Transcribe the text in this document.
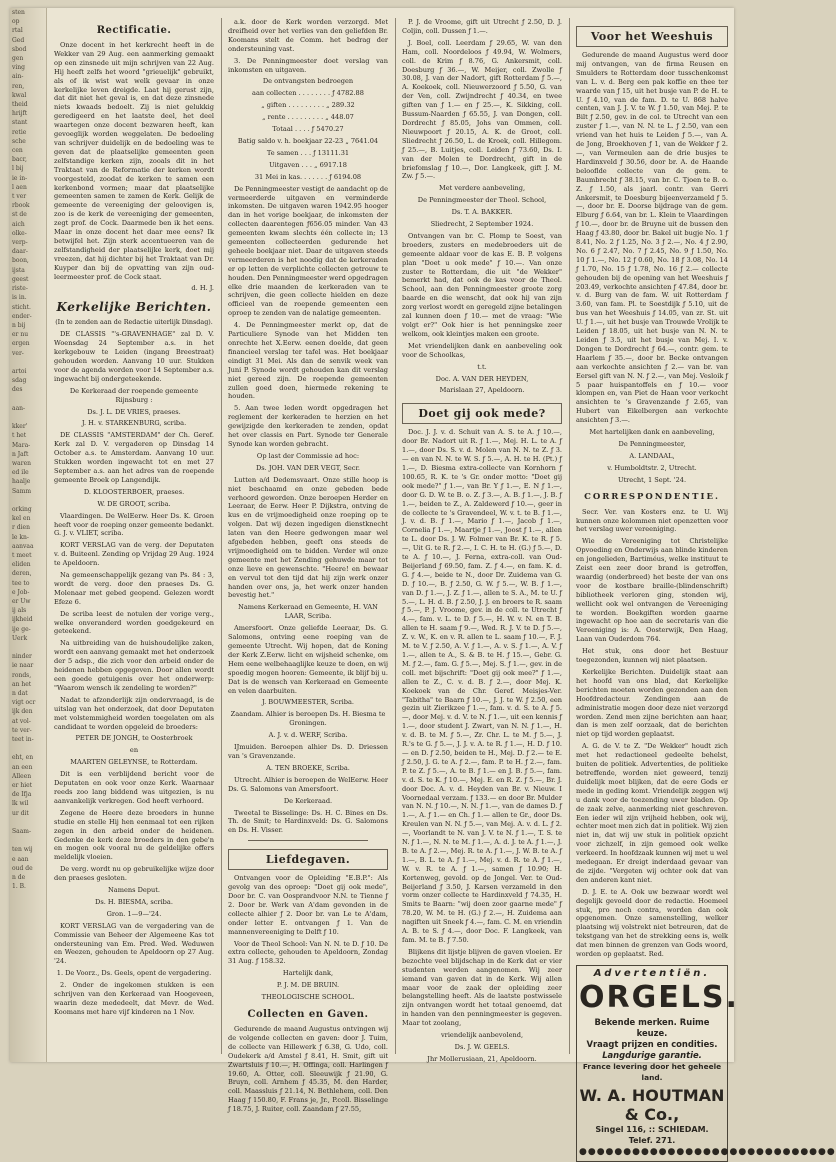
sten
op
rtal
Ged
sbod
gen
ving
ain-
ren,
kwal
theid
hrijft
stant
retie
sche
cen
bacr,
l bij
ie in-
l aen
t ver
rbook
st de
aich
olke-
verp-
daar-
boon,
ijsta
geest
riste-
is in.
sticht.
ender-
n bij
er nu
ergen
ver-

artoi
sdag
des

aan-

kker'
t het
Mara-
n Jaft
waren
ed ile
haalje
Samm

orking
kel en
r dien
le kn-
aanvaa
t meet
eliden
deren,
tee to
e Job-
er Uw
ij als
ijkheid
ije ge-
Uerk

ninder
ie naar
ronds,
an het
n dat
vigt ocr
ijk den
at vol-
te ver-
teet in-

eht, en
an een
Alleen
er hiet
de Ifja
lk wil
ur dit

Saam-

ten wij
e aan
oud de
n de
1. B.
Rectificatie.

Onze docent in het kerkrecht heeft in de Wekker van 29 Aug. een aanmerking gemaakt op een zinsnede uit mijn schrijven van 22 Aug. Hij heeft zelfs het woord "grieuelijk" gebruikt, als of ik wist wat welk gevaar in onze kerkelijke leven dreigde. Laat hij gerust zijn, dat dit niet het geval is, en dat deze zinsnede niets kwaads bedoelt. Zij is niet gelukkig geredigeerd en het laatste deel, het deel waartegen onze docent bezwaren heeft, kan gevoeglijk worden weggelaten. De bedoeling van schrijver duidelijk en de bedoeling was te geven dat de plaatselijke gemeenten geen zelfstandige kerken zijn, zooals dit in het Traktaat van de Reformatie der kerken wordt voorgesteld, zoodat de kerken te samen een kerkenbond vormen; maar dat plaatselijke gemeenten samen te zamen de Kerk. Gelijk de gemeente de vereeniging der geloovigen is, zoo is de kerk de vereeniging der gemeenten, zegt prof. de Cock. Daarmede ben ik het eens. Maar in onze docent het daar mee eens? Ik betwijfel het. Zijn sterk accentueeren van de zelfstandigheid der plaatselijke kerk, doet mij vreezen, dat hij dichter bij het Traktaat van Dr. Kuyper dan bij de opvatting van zijn oud-leermeester prof. de Cock staat.

d. H. J.

Kerkelijke Berichten.

(In te zenden aan de Redactie uiterlijk Dinsdag).

DE CLASSIS "'s-GRAVENHAGE" zal D. V. Woensdag 24 September a.s. in het kerkgebouw te Leiden (ingang Breestraat) gehouden worden. Aanvang 10 uur. Stukken voor de agenda worden voor 14 September a.s. ingewacht bij ondergeteekende.

De Kerkeraad der roepende gemeente Rijnsburg :

Ds. J. L. DE VRIES, praeses.

J. H. v. STARKENBURG, scriba.

DE CLASSIS "AMSTERDAM" der Ch. Geref. Kerk zal D. V. vergaderen op Dinsdag 14 October a.s. te Amsterdam. Aanvang 10 uur. Stukken worden ingewacht tot en met 27 September a.s. aan het adres van de roepende gemeente Broek op Langendijk.

D. KLOOSTERBOER, praeses.

W. DE GROOT, scriba.

Vlaardingen. De WelEerw. Heer Ds. K. Groen heeft voor de roeping onzer gemeente bedankt. G. J. v. VLIET, scriba.

KORT VERSLAG van de verg. der Deputaten v. d. Buiteenl. Zending op Vrijdag 29 Aug. 1924 te Apeldoorn.

Na gemeenschappelijk gezang van Ps. 84 : 3, wordt de verg. door den praeses Ds. G. Molenaar met gebed geopend. Gelezen wordt Efeze 6.

De scriba leest de notulen der vorige verg., welke onveranderd worden goedgekeurd en geteekend.

Na uitbreiding van de huishoudelijke zaken, wordt een aanvang gemaakt met het onderzoek der 5 adsp., die zich voor den arbeid onder de heidenen hebben opgegeven. Door allen wordt een goede getuigenis over het onderwerp: "Waarom wensch ik zendeling te worden?"

Nadat te afzonderlijk zijn ondervraagd, is de uitslag van het onderzoek, dat door Deputaten met volstemmigheid worden toegelaten om als candidaat te worden opgeleid de broeders:

PETER DE JONGH, te Oosterbroek

en

MAARTEN GELEYNSE, te Rotterdam.

Dit is een verblijdend bericht voor de Deputaten en ook voor onze Kerk. Waarnaar reeds zoo lang biddend was uitgezien, is nu aanvankelijk verkregen. God heeft verhoord.

Zegene de Heere deze broeders in hunne studie en stelle Hij hen eenmaal tot een rijken zegen in den arbeid onder de heidenen. Gedenke de kerk deze broeders in den gebe'n en mogen ook vooral nu de geldelijke offers meldelijk vloeien.

De verg. wordt nu op gebruikelijke wijze door den praeses gesloten.

Namens Deput.

Ds. H. BIESMA, scriba.

Gron. 1—9—'24.

KORT VERSLAG van de vergadering van de Commissie van Beheer der Algemeene Kas tot ondersteuning van Em. Pred. Wed. Weduwen en Weezen, gehouden te Apeldoorn op 27 Aug. '24.

1. De Voorz., Ds. Geels, opent de vergadering.

2. Onder de ingekomen stukken is een schrijven van den Kerkeraad van Hoogeveen, waarin deze mededeelt, dat Mevr. de Wed. Koomans met hare vijf kinderen na 1 Nov.

a.k. door de Kerk worden verzorgd. Met dreifheid over het verlies van den geliefden Br. Koomans stelt de Comm. het bedrag der ondersteuning vast.

3. De Penningmeester doet verslag van inkomsten en uitgaven.

De ontvangsten bedroegen

aan collecten . . . . . . . . ƒ 4782.88

„ giften . . . . . . . . . „ 289.32

„ rente . . . . . . . . . „ 448.07

Totaal . . . . ƒ 5470.27

Batig saldo v. h. boekjaar 22-23 „ 7641.04

Te samen . . . ƒ 13111.31

Uitgaven . . . „ 6917.18

31 Mei in kas. . . . . . . ƒ 6194.08

De Penningmeester vestigt de aandacht op de vermeerderde uitgaven en verminderde inkomsten. De uitgaven waren 1942.95 hooger dan in het vorige boekjaar, de inkomsten der collecten daarentegen ƒ656.05 minder. Van 43 gemeenten kwam slechts één collecte in; 13 gemeenten collecteerden gedurende het geheele boekjaar niet. Daar de uitgaven steeds vermeerderen is het noodig dat de kerkeraden er op letten de verplichte collecten getrouw te houden. Den Penningmeester werd opgedragen elke drie maanden de kerkeraden van te schrijven, die geen collecte hielden en deze officieel van de roepende gemeenten een oproep te zenden van de nalatige gemeenten.

4. De Penningmeester merkt op, dat de Particuliere Synode van het Midden ten onrechte het X.Eerw. eenen doelde, dat geen financieel verslag ter tafel was. Het boekjaar eindigt 31 Mei. Als dan de senvik week van Juni P. Synode wordt gehouden kan dit verslag niet gereed zijn. De roepende gemeenten zullen goed doen, hiermede rekening te houden.

5. Aan twee leden wordt opgedragen het reglement der kerkeraden te herzien en het gewijzigde den kerkeraden te zenden, opdat het over classis en Part. Synode ter Generale Synode kan worden gebracht.

Op last der Commissie ad hoc:

Ds. JOH. VAN DER VEGT, Secr.

Lutten a/d Dedemsvaart. Onze stille hoop is niet beschaamd en onze gebeden bede verhoord geworden. Onze beroepen Herder en Leeraar, de Eerw. Heer P. Dijkstra, ontving de kus en de vrijmoedigheid onze roeping op te volgen. Dat wij dezen ingedigen dienstknecht laten van den Heere gedwongen maar wel afgebeden hebben, geeft ons steeds de vrijmoedigheid om te bidden. Verder wil onze gemeente met het Zending gehuwde maar tot onze lieve en gewenschte. "Heere! en bewaar en vervul tot den tijd dat hij zijn werk onzer handen over ons, ja, het werk onzer handen bevestig het."

Namens Kerkeraad en Gemeente, H. VAN LAAR, Scriba.

Amersfoort. Onze geliefde Leeraar, Ds. G. Salomons, ontving eene roeping van de gemeente Utrecht. Wij hopen, dat de Koning der Kerk Z.Eerw. licht en wijsheid schenke, om Hem eene welbehaaglijke keuze te doen, en wij spoedig mogen hooren: Gemeente, ik blijf bij u. Dat is de wensch van Kerkeraad en Gemeente en velen daarbuiten.

J. BOUWMEESTER, Scriba.

Zaandam. Alhier is beroepen Ds. H. Biesma te Groningen.

A. J. v. d. WERF, Scriba.

IJmuiden. Beroepen alhier Ds. D. Driessen van 's Gravenzande.

A. TEN BROEKE, Scriba.

Utrecht. Alhier is beroepen de WelEerw. Heer Ds. G. Salomons van Amersfoort.

De Kerkeraad.

Tweetal te Bisselinge: Ds. H. C. Bines en Ds. Th. de Smit; te Hardinxveld: Ds. G. Salomons en Ds. H. Visser.

Liefdegaven.

Ontvangen voor de Opleiding "E.B.P.": Als gevolg van des oproep: "Doet gij ook mede", Door br. C. van Oosprandvoor N.N. te Tienne ƒ 2. Door br. Werk van A'dam gevonden in de collecte alhier ƒ 2. Door br. van Le te A'dam, onder letter E. ontvangen ƒ 1. Van de mannenvereeniging te Delft ƒ 10.

Voor de Theol School: Van N. N. te D. ƒ 10. De extra collecte, gehouden te Apeldoorn, Zondag 31 Aug. ƒ 158.32.

Hartelijk dank,

P. J. M. DE BRUIN.

THEOLOGISCHE SCHOOL.

Collecten en Gaven.

Gedurende de maand Augustus ontvingen wij de volgende collecten en gaven: door J. Tuim, de collecte van Hillewerk ƒ 6.38, G. Udo, coll. Oudekerk a/d Amstel ƒ 8.41, H. Smit, gift uit Zwartsluis ƒ 10.—, H. Offinga, coll. Harlingen ƒ 19.60, A. Otter, coll. Sleeuwijk ƒ 21.90, G. Bruyn, coll. Arnhem ƒ 45.35, M. den Harder, coll. Maassluis ƒ 21.14, N. Bethlehem, coll. Den Haag ƒ 150.80, F. Frans je, Jr., P.coll. Bisselinge ƒ 18.75, J. Ruiter, coll. Zaandam ƒ 27.55,

P. J. de Vroome, gift uit Utrecht ƒ 2.50, D. J. Coljin, coll. Dussen ƒ 1.—.

J. Boel, coll. Leerdam ƒ 29.65, W. van den Ham, coll. Noordeloos ƒ 49.94, W. Wolmers, coll. de Krim ƒ 8.76, G. Ankersmit, coll. Doesburg ƒ 36.—, W. Meijer, coll. Zwolle ƒ 30.08, J. van der Nadort, gift Rotterdam ƒ 5.—, A. Koekoek, coll. Nieuwerzoord ƒ 5.50, G. van der Ven, coll. Zwijndrecht ƒ 40.34, en twee giften van ƒ 1.— en ƒ 25.—, K. Sikking, coll. Bussum-Naarden ƒ 65.55, J. van Dongen, coll. Dordrecht ƒ 85.05, Johs van Ommen, coll. Nieuwpoort ƒ 20.15, A. K. de Groot, coll. Sliedrecht ƒ 26.50, L. de Kroek, coll. Hillegom. ƒ 25.—, B. Luitjes, coll. Leiden ƒ 73.60, Ds. I. van der Molen te Dordrecht, gift in de briefomslag ƒ 10.—, Dor. Langkeek, gift J. M. Zw. ƒ 5.—.

Met verdere aanbeveling,

De Penningmeester der Theol. School,

Ds. T. A. BAKKER.

Sliedrecht, 2 September 1924.

Ontvangen van br. C. Plomp te Soest, van broeders, zusters en medebroeders uit de gemeente aldaar voor de kas E. B. P. volgens plan "Doet u ook mede" ƒ 10.—. Van onze zuster te Rotterdam, die uit "de Wekker" bemerkt had, dat ook de kas voor de Theol. School, aan den Penningmeester groote zorg baarde en die wenscht, dat ook hij van zijn zorg verlost wordt en geregeld zijne betalingen zal kunnen doen ƒ 10.— met de vraag: "Wie volgt er?" Ook hier is het penningske zeer welkom, ook kleintjes maken een groote.

Met vriendelijken dank en aanbeveling ook voor de Schoolkas,

t.t.

Doc. A. VAN DER HEYDEN,

Marislaan 27, Apeldoorn.

Doet gij ook mede?

Doc. J. J. v. d. Schuit van A. S. te A. ƒ 10.—, door Br. Nadort uit R. ƒ 1.—, Mej. H. L. te A. ƒ 1.—, door Ds. S. v. d. Molen van N. N. te Z. ƒ 3.— en van N. N. te W. S. ƒ 5.—, A. H. te H. (Pt.) ƒ 1.—, D. Biesma extra-collecte van Kornhorn ƒ 100.65, R. K. te 's Gr. onder motto: "Doet gij ook mede?" ƒ 1.—, van Br. Y ƒ 1.—, E. N ƒ 1.—, door G. D. W. te B. o. Z. ƒ 3.—, A. B. ƒ 1.—, J. B. ƒ 1.—, beiden te Z., A. Zaldewerd ƒ 10.—, geer in de collecte te 's Gravendeel, W. v. t. te B. ƒ 1.—, J. v. d. B. ƒ 1.—, Mario ƒ 1.—, Jacob ƒ 1.—, Cornelia ƒ 1.—, Maartje ƒ 1.—, Joost ƒ 1.—, allen te L. door Ds. J. W. Folmer van Br. K. te R. ƒ 5.—, Uit G. te R. ƒ 2.—, I. C. H. te H. (G.) ƒ 5.—, D. te A. ƒ 10.—, J. Ferna, extra-coll. van Oud-Beijerland ƒ 69.50, fam. Z. ƒ 4.—, en fam. K. d. G. ƒ 4.—, beide te N., door Dr. Zuidema van G. D. ƒ 10.—, B. ƒ 2.50, G. W. ƒ 5.—, W. B. ƒ 1.—, van D. ƒ 1.—, J. Z. ƒ 1.—, allen te S. A., M. te U. ƒ 5.—, L. H. d. B. ƒ 2.50, J. J. en broers te R. saam ƒ 5.—, P. J. Vroome, gev. in de coll. te Utrecht ƒ 4.—, fam. v. L. te D. ƒ 5.—, H. W. v. N. en T. B. allen te H. saam ƒ 9.—, Wed. R. J. V. te D. ƒ 5.—, Z. v. W., K. en v. R. allen te L. saam ƒ 10.—, F. J. M. te V. ƒ 2.50, A. V. ƒ 1.—, A. v. S. ƒ 1.—, A. V. ƒ 1.—, allen te A., S. & B. te H. ƒ 15.—, Gebr. G. M. ƒ 2.—, fam. G. ƒ 5.—, Mej. S. ƒ 1.—, gev. in de coll. met bijschrift: "Doet gij ook mee?" ƒ 1.—, allen te Z., C. v. d. B. ƒ 2.—, door Mej. K. Koekoek van de Chr. Geref. Meisjes-Ver. "Tabitha" te Baarn ƒ 10.—, J. J. te W. ƒ 2.50, een gezin uit Zierikzee ƒ 1.—, fam. v. d. S. te A. ƒ 5.—, door Mej. v. d. V. te N. ƒ 1.—, uit een kennis ƒ 1.—, door student J. Zwart, van N. N. ƒ 1.—, H. v. d. B. te M. ƒ 5.—, Zr. Chr. L. te M. ƒ 5.—, J. R.'s te G. ƒ 5.—, J. J. v. A. te R. ƒ 1.—, H. D. ƒ 10.— en D. ƒ 2.50, beiden te H., Mej. D. ƒ 2.— te E. ƒ 2.50, J. G. te A. ƒ 2.—, fam. P. te H. ƒ 2.—, fam. P. te Z. ƒ 5.—, A. te B. ƒ 1.— en J. B. ƒ 5.—, fam. v. d. S. te K. ƒ 10.—, Mej. E. en R. Z. ƒ 5.—, Br. J. door Doc. A. v. d. Heyden van Br. v. Nieuw. I Voornedaal verzam. ƒ 133.— en door Br. Mulder van N. N. ƒ 10.—, N. N. ƒ 1.—, van de dames D. ƒ 1.—, A. ƒ 1.— en Ch. ƒ 1.— allen te Gr., door Ds. Kreulen van N. N. ƒ 5.—, van Mej. A. v. d. L. ƒ 2.—, Voorlandt te N. van J. V. te N. ƒ 1.—, T. S. te N. ƒ 1.—, N. N. te M. ƒ 1.—, A. d. J. te A. ƒ 1.—, J. B. te A. ƒ 2.—, Mej. R. te A. ƒ 1.—, J. W. B. te A. ƒ 1.—, B. L. te A. ƒ 1.—, Mej. v. d. R. te A. ƒ 1.—, W. v. R. te A. ƒ 1.—, samen ƒ 10.90; H. Kortenweg, gevold. op de Jongel. Ver. te Oud-Beijerland ƒ 3.50, J. Karsen verzameld in den vorm onzer collecte te Hardinxveld ƒ 74.35, H. Smits te Baarn: "wij doen zoor gaarne mede" ƒ 78.20, W. M. te H. (G.) ƒ 2.—, H. Zuidema aan nagiften uit Sneek ƒ 4.—, fam. C. M. en vriendin A. B. te S. ƒ 4.—, door Doc. F. Langkeek, van fam. M. te B. ƒ 7.50.

Blijkens dit lijstje blijven de gaven vloeien. Er bezochte veel blijdschap in de Kerk dat er vier studenten werden aangenomen. Wij zeer iemand van gaven dat in de Kerk. Wij allen maar voor de zaak der opleiding zeer belangstelling heeft. Als de laatste postwissele zijn ontvangen wordt het totaal genoemd, dat in handen van den penningmeester is gegeven. Maar tot zoolang,

vriendelijk aanbevolend,

Ds. J. W. GEELS.

Jhr Mollerusiaan, 21, Apeldoorn.

Voor het Weeshuis

Gedurende de maand Augustus werd door mij ontvangen, van de firma Reusen en Smulders te Rotterdam door tusschenkomst van L. v. d. Berg een pak koffie en thee ter waarde van ƒ 15, uit het busje van P. de H. te U. ƒ 4.10, van de fam. D. te U. 868 halve centen, van J. J. V. te W. ƒ 1.50, van Mej. P. te Bilt ƒ 2.50, gev. in de col. te Utrecht van een zuster ƒ 1.—, van N. N. te L. ƒ 2.50, van een vriend van het huis te Leiden ƒ 5.—, van A. de Jong, Broekhoven ƒ 1, van de Wekker ƒ 2.—, van Vermeulen aan de drie busjes te Hardinxveld ƒ 30.56, door br. A. de Haande belooflde collecte van de gem. te Baumbrecht ƒ 38.15, van br. C. Tjoen te B. o. Z. ƒ 1.50, als jaarl. contr. van Gerri Ankersmit, te Doesburg bijeenverzameld ƒ 5.—, door br. E. Doorse bijdrage van de gem. Elburg ƒ 6.64, van br. L. Klein te Vlaardingen ƒ 10.—, door br. de Bruyne uit de bussen den Haag ƒ 43.80, door br. Bakel uit bugje No. 1 ƒ 8.41, No. 2 ƒ 1.25, No. 3 ƒ 2.—, No. 4 ƒ 2.90, No. 6 ƒ 2.47, No. 7 ƒ 2.45, No. 9 ƒ 1.50, No. 10 ƒ 1.—, No. 12 ƒ 0.60, No. 18 ƒ 3.08, No. 14 ƒ 1.70, No. 15 ƒ 1.78, No. 16 ƒ 2.— collecte gehouden bij de opening van het Weeshuis ƒ 203.49, verkochte ansichten ƒ 47.84, door br. v. d. Burg van de fam. W. uit Rotterdam ƒ 3.60, van fam. Pl. te Soestdijk ƒ 5.10, uit de bus van het Weeshuis ƒ 14.05, van zr. St. uit U. ƒ 1.—, uit het busje van Trouwde Vrolijk te Leiden ƒ 18.05, uit het busje van N. N. te Leiden ƒ 3.5, uit het busje van Mej. I. v. Dongen te Dordrecht ƒ 64.—, contr. gem. te Haarlem ƒ 35.—, door br. Becke ontvangen aan verkochte ansichten ƒ 2.— van br. van Eersel gift van N. N. ƒ 2.—, van Mej. Vesloik ƒ 5 paar huispantoffels en ƒ 10.— voor klompen en, van Piet de Haan voor verkocht ansichten te 's Gravenzande ƒ 2.65, van Hubert van Eikelbergen aan verkochte ansichten ƒ 3.—.

Met hartelijken dank en aanbeveling,

De Penningmeester,

A. LANDAAL,

v. Humboldtstr. 2, Utrecht.

Utrecht, 1 Sept. '24.

CORRESPONDENTIE.

Secr. Ver. van Kosters enz. te U. Wij kunnen onze kolommen niet openzetten voor het verslag uwer vereeniging.

Wie de Vereeniging tot Christelijke Opvoeding en Onderwijs aan blinde kinderen en jongelieden, Bartiméus, welke instituut te Zeist een zeer door brand is getroffen, waardig (onderbreed) het beste der van ons voor de kostbare braille-(blindenschrift) bibliotheek verloren ging, stonden wij, wellicht ook wel ontvangen de Vereeniging te worden. Boekgiften worden gaarne ingewacht op hoe aan de secretaris van die Vereeniging is: A. Oosterwijk, Den Haag, Laan van Ouderdom 764.

Het stuk, ons door het Bestuur toegezonden, kunnen wij niet plaatsen.

Kerkelijke Berichten. Duidelijk staat aan het hoofd van ons blad, dat Kerkelijke berichten moeten worden gezonden aan den Hoofdredacteur. Zendingen aan de administratie mogen door deze niet verzorgd worden. Zend men zijne berichten aan haar, dan is men zelf oorzaak, dat de berichten niet op tijd worden geplaatst.

A. G. de V. te Z. "De Wekker" houdt zich met het redactioneel gedeelte behelst, buiten de politiek. Advertenties, de politieke betreffende, worden niet geweerd, tenzij duidelijk moet blijken, dat de eere Gods er mede in geding komt. Vriendelijk zeggen wij u dank voor de toezending uwer bladen. Op de zaak zelve, aanmerking niet geschreven. Een ieder wil zijn vrijheid hebben, ook wij, echter moet men zich dat in politiek. Wij zien niet in, dat wij uw stuk in politiek opzicht voor zichzelf, in zijn gemoed ook welke verkeerd. In hoofdzaak kunnen wij met u wel medegaan. Er dreigt inderdaad gevaar van de zijde. "Vergeten wij ochter ook dat van den anderen kant niet.

D. J. E. te A. Ook uw bezwaar wordt wel degelijk gevoeld door de redactie. Hoemeel stuk, pro noch contra, worden dan ook opgenomen. Onze samenstelling, welker plaatsing wij volstrekt niet betreuren, dat de tekstgang van het de strekking eens is, welk dat men binnen de grenzen van Gods woord, worden op geplaatst. Red.

Advertentiën.
ORGELS.
Bekende merken. Ruime keuze.
Vraagt prijzen en condities.
Langdurige garantie.
France levering door het geheele land.
W. A. HOUTMAN & Co.,
Singel 116, :: SCHIEDAM.
Telef. 271.
●●●●●●●●●●●●●●●●●●●●●●●●●●●●●
